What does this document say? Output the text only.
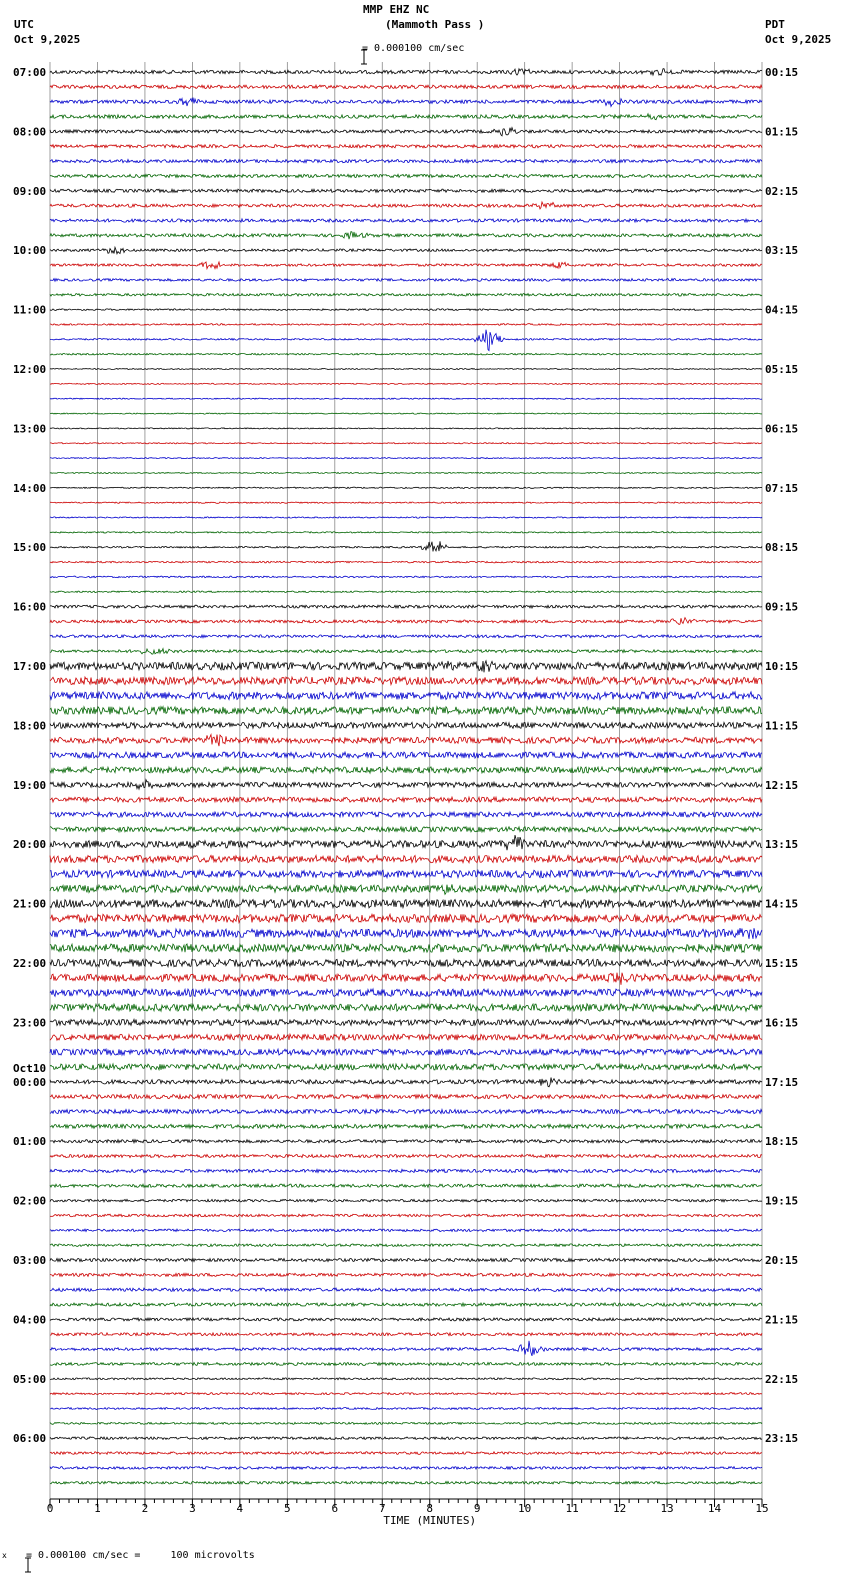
MMP EHZ NC
(Mammoth Pass )

= 0.000100 cm/sec
UTC
Oct 9,2025
PDT
Oct 9,2025
0	1	2	3	4	5	6	7	8	9	10	11	12	13	14	15
TIME (MINUTES)
07:00	00:15
08:00	01:15
09:00	02:15
10:00	03:15
11:00	04:15
12:00	05:15
13:00	06:15
14:00	07:15
15:00	08:15
16:00	09:15
17:00	10:15
18:00	11:15
19:00	12:15
20:00	13:15
21:00	14:15
22:00	15:15
23:00	16:15
00:00	17:15
01:00	18:15
02:00	19:15
03:00	20:15
04:00	21:15
05:00	22:15
06:00	23:15
Oct10
x

= 0.000100 cm/sec =     100 microvolts
